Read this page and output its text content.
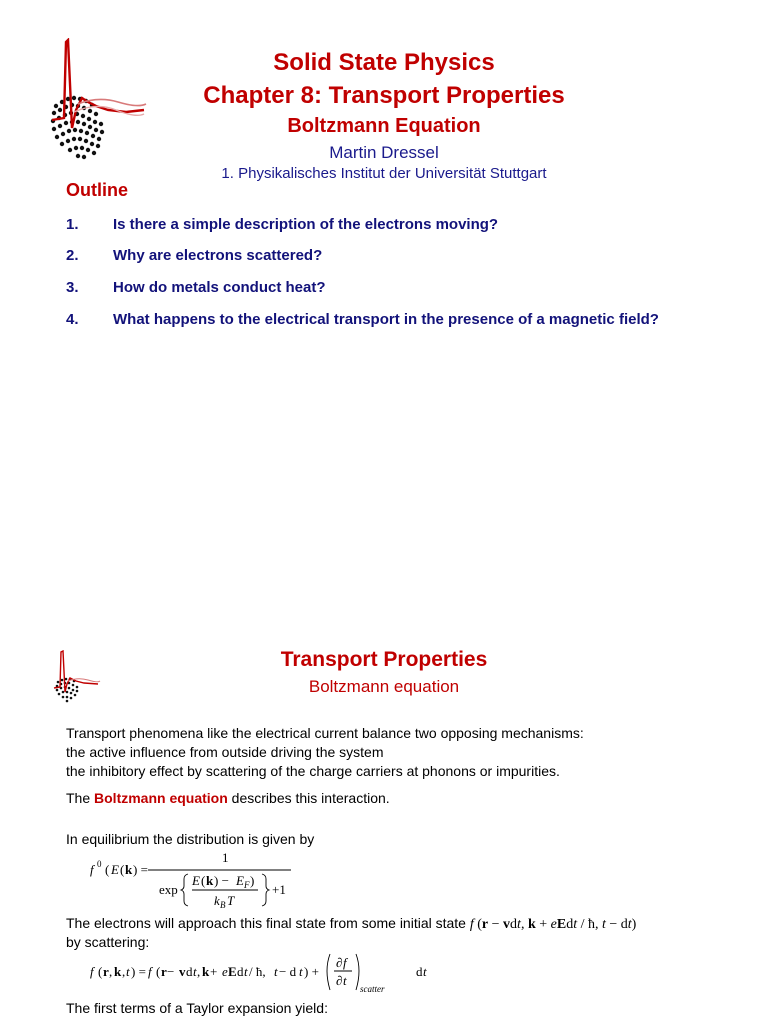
Solid State Physics
Chapter 8: Transport Properties
Boltzmann Equation
Martin Dressel
1. Physikalisches Institut der Universität Stuttgart
Outline
1. Is there a simple description of the electrons moving?
2. Why are electrons scattered?
3. How do metals conduct heat?
4. What happens to the electrical transport in the presence of a magnetic field?
Transport Properties
Boltzmann equation
Transport phenomena like the electrical current balance two opposing mechanisms:
the active influence from outside driving the system
the inhibitory effect by scattering of the charge carriers at phonons or impurities.
The Boltzmann equation describes this interaction.
In equilibrium the distribution is given by
f 0 ( E ( k ) =
1
exp
E ( k ) − E F )
k B T
+1
The electrons will approach this final state from some initial state f (r − vdt, k + eEdt / ħ, t − dt)
by scattering:
f ( r , k , t ) = f ( r − v d t , k + e E d t / ħ, t − d t ) +
∂ f
∂ t
scatter
d t
The first terms of a Taylor expansion yield:
